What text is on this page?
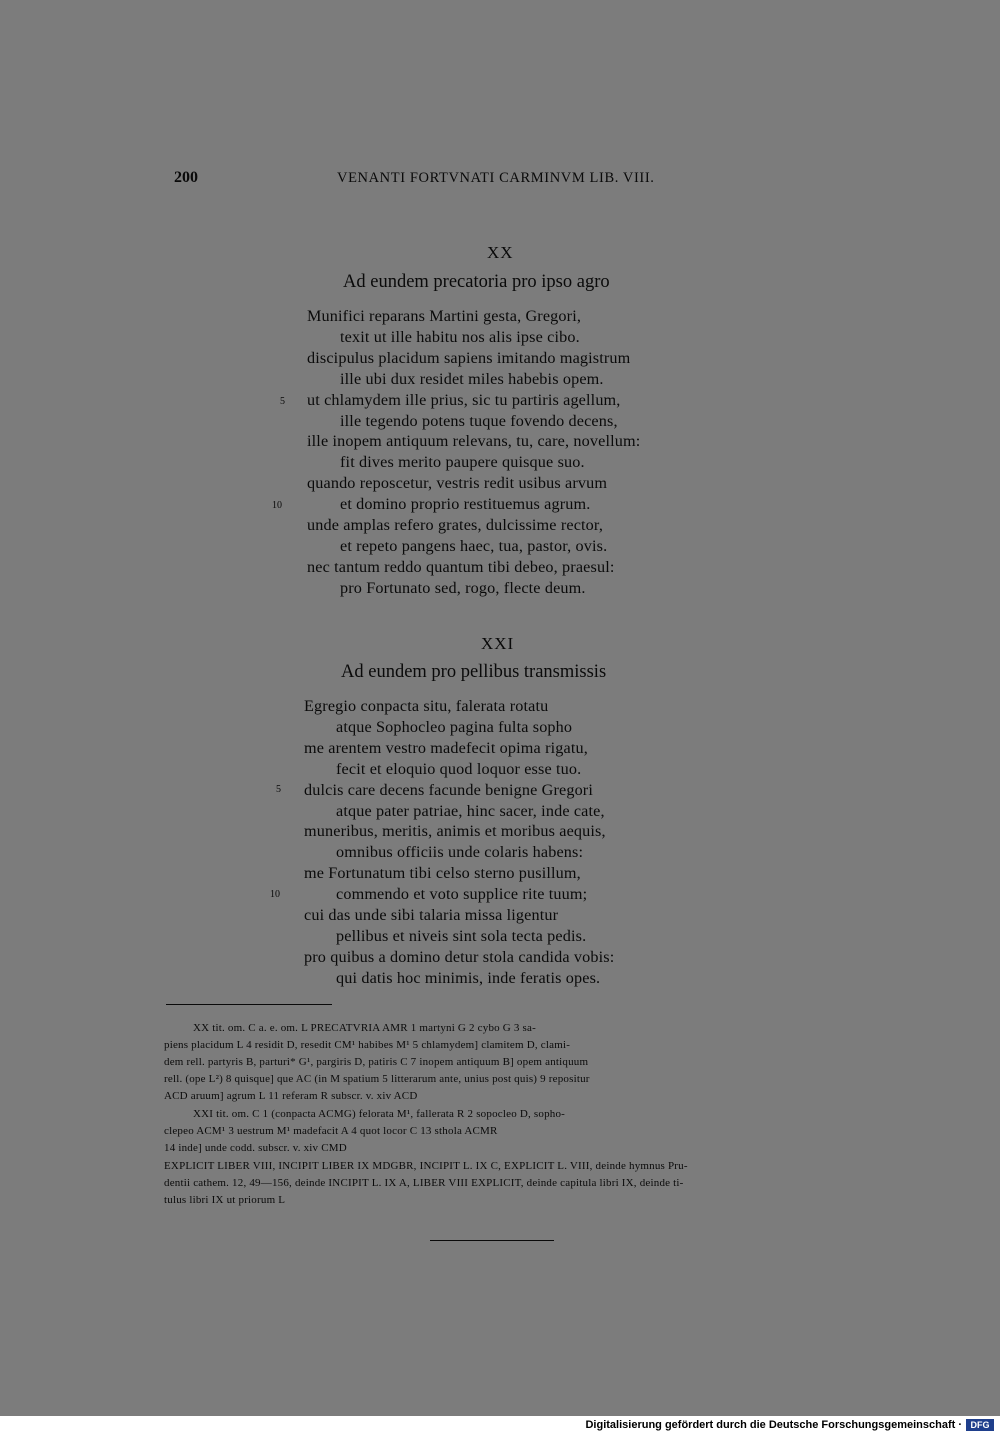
200	VENANTI FORTVNATI CARMINVM LIB. VIII.
XX
Ad eundem precatoria pro ipso agro
Munifici reparans Martini gesta, Gregori,
texit ut ille habitu nos alis ipse cibo.
discipulus placidum sapiens imitando magistrum
ille ubi dux residet miles habebis opem.
ut chlamydem ille prius, sic tu partiris agellum,
ille tegendo potens tuque fovendo decens,
ille inopem antiquum relevans, tu, care, novellum:
fit dives merito paupere quisque suo.
quando reposcetur, vestris redit usibus arvum
et domino proprio restituemus agrum.
unde amplas refero grates, dulcissime rector,
et repeto pangens haec, tua, pastor, ovis.
nec tantum reddo quantum tibi debeo, praesul:
pro Fortunato sed, rogo, flecte deum.
5
10
XXI
Ad eundem pro pellibus transmissis
Egregio conpacta situ, falerata rotatu
atque Sophocleo pagina fulta sopho
me arentem vestro madefecit opima rigatu,
fecit et eloquio quod loquor esse tuo.
dulcis care decens facunde benigne Gregori
atque pater patriae, hinc sacer, inde cate,
muneribus, meritis, animis et moribus aequis,
omnibus officiis unde colaris habens:
me Fortunatum tibi celso sterno pusillum,
commendo et voto supplice rite tuum;
cui das unde sibi talaria missa ligentur
pellibus et niveis sint sola tecta pedis.
pro quibus a domino detur stola candida vobis:
qui datis hoc minimis, inde feratis opes.
5
10
XX tit. om. C a. e. om. L PRECATVRIA AMR 1 martyni G 2 cybo G 3 sa-
piens placidum L 4 residit D, resedit CM¹ habibes M¹ 5 chlamydem] clamitem D, clami-
dem rell. partyris B, parturi* G¹, pargiris D, patiris C 7 inopem antiquum B] opem antiquum
rell. (ope L²) 8 quisque] que AC (in M spatium 5 litterarum ante, unius post quis) 9 repositur
ACD aruum] agrum L 11 referam R subscr. v. xiv ACD
XXI tit. om. C 1 (conpacta ACMG) felorata M¹, fallerata R 2 sopocleo D, sopho-
clepeo ACM¹ 3 uestrum M¹ madefacit A 4 quot locor C 13 sthola ACMR
14 inde] unde codd. subscr. v. xiv CMD
EXPLICIT LIBER VIII, INCIPIT LIBER IX MDGBR, INCIPIT L. IX C, EXPLICIT L. VIII, deinde hymnus Pru-
dentii cathem. 12, 49—156, deinde INCIPIT L. IX A, LIBER VIII EXPLICIT, deinde capitula libri IX, deinde ti-
tulus libri IX ut priorum L
Digitalisierung gefördert durch die Deutsche Forschungsgemeinschaft · DFG
